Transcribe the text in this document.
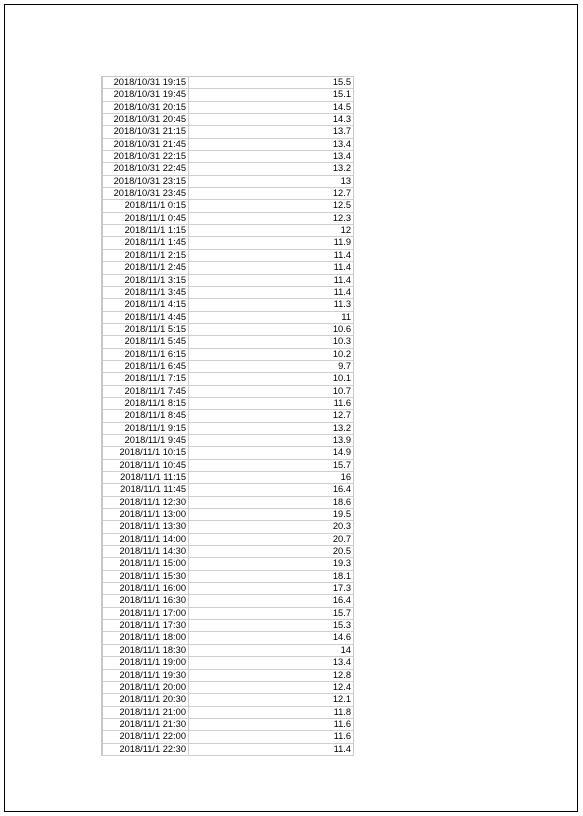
2018/10/31 19:15	15.5
2018/10/31 19:45	15.1
2018/10/31 20:15	14.5
2018/10/31 20:45	14.3
2018/10/31 21:15	13.7
2018/10/31 21:45	13.4
2018/10/31 22:15	13.4
2018/10/31 22:45	13.2
2018/10/31 23:15	13
2018/10/31 23:45	12.7
2018/11/1 0:15	12.5
2018/11/1 0:45	12.3
2018/11/1 1:15	12
2018/11/1 1:45	11.9
2018/11/1 2:15	11.4
2018/11/1 2:45	11.4
2018/11/1 3:15	11.4
2018/11/1 3:45	11.4
2018/11/1 4:15	11.3
2018/11/1 4:45	11
2018/11/1 5:15	10.6
2018/11/1 5:45	10.3
2018/11/1 6:15	10.2
2018/11/1 6:45	9.7
2018/11/1 7:15	10.1
2018/11/1 7:45	10.7
2018/11/1 8:15	11.6
2018/11/1 8:45	12.7
2018/11/1 9:15	13.2
2018/11/1 9:45	13.9
2018/11/1 10:15	14.9
2018/11/1 10:45	15.7
2018/11/1 11:15	16
2018/11/1 11:45	16.4
2018/11/1 12:30	18.6
2018/11/1 13:00	19.5
2018/11/1 13:30	20.3
2018/11/1 14:00	20.7
2018/11/1 14:30	20.5
2018/11/1 15:00	19.3
2018/11/1 15:30	18.1
2018/11/1 16:00	17.3
2018/11/1 16:30	16.4
2018/11/1 17:00	15.7
2018/11/1 17:30	15.3
2018/11/1 18:00	14.6
2018/11/1 18:30	14
2018/11/1 19:00	13.4
2018/11/1 19:30	12.8
2018/11/1 20:00	12.4
2018/11/1 20:30	12.1
2018/11/1 21:00	11.8
2018/11/1 21:30	11.6
2018/11/1 22:00	11.6
2018/11/1 22:30	11.4
